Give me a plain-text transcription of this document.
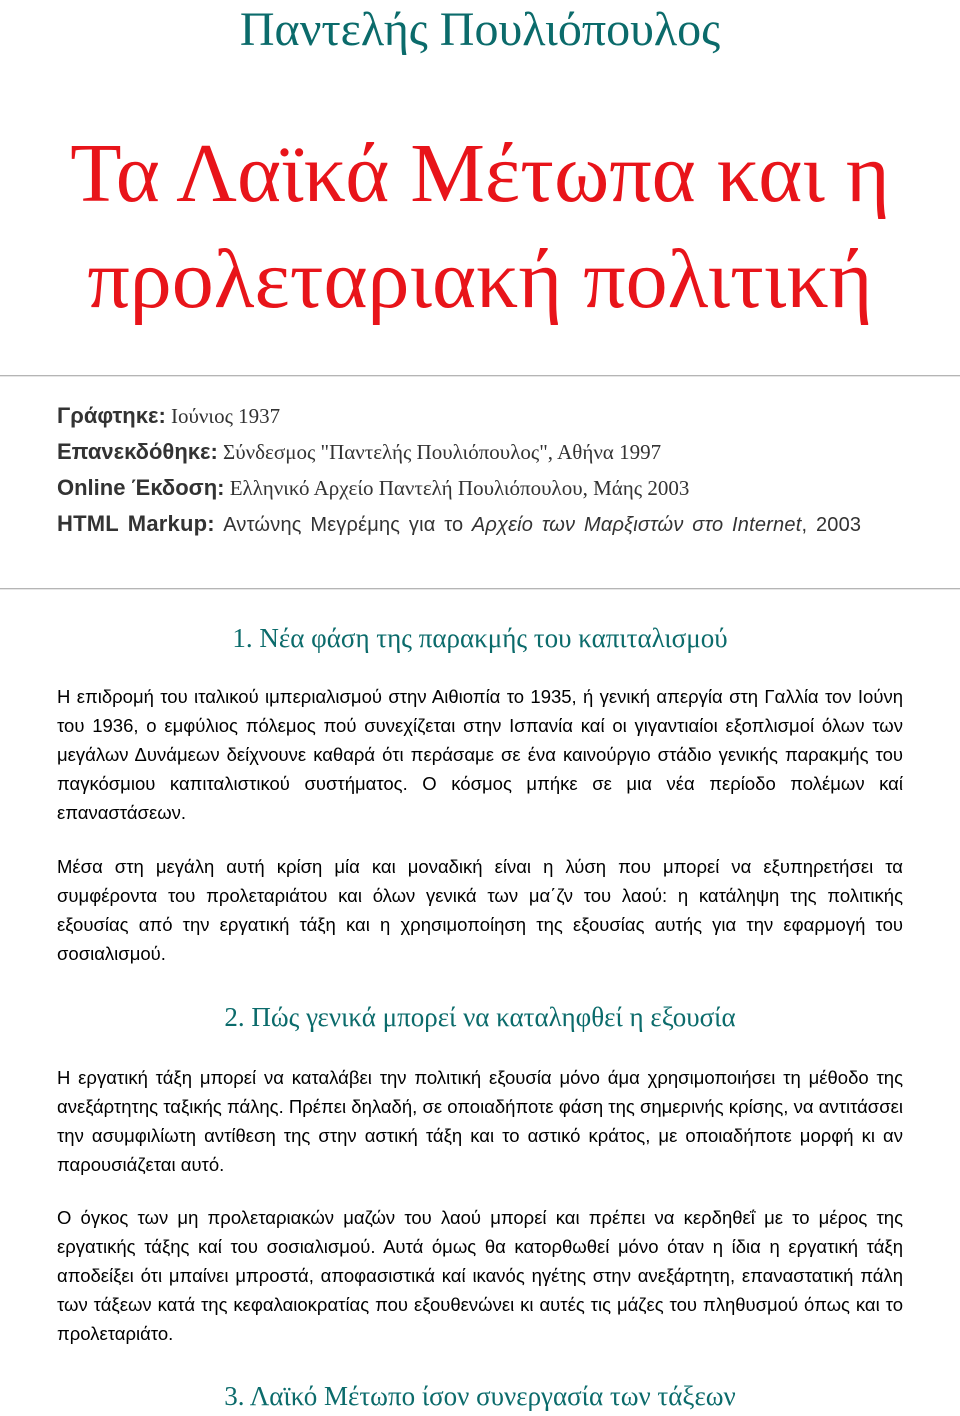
Παντελής Πουλιόπουλος
Τα Λαϊκά Μέτωπα και η
προλεταριακή πολιτική
Γράφτηκε: Ιούνιος 1937
Επανεκδόθηκε: Σύνδεσμος "Παντελής Πουλιόπουλος", Αθήνα 1997
Online Έκδοση: Ελληνικό Αρχείο Παντελή Πουλιόπουλου, Μάης 2003
HTML Markup: Αντώνης Μεγρέμης για το Αρχείο των Μαρξιστών στο Internet, 2003
1. Νέα φάση της παρακμής του καπιταλισμού

Η επιδρομή του ιταλικού ιμπεριαλισμού στην Αιθιοπία το 1935, ή γενική απεργία στη Γαλλία τον Ιούνη του 1936, ο εμφύλιος πόλεμος πού συνεχίζεται στην Ισπανία καί οι γιγαντιαίοι εξοπλισμοί όλων των μεγάλων Δυνάμεων δείχνουνε καθαρά ότι περάσαμε σε ένα καινούργιο στάδιο γενικής παρακμής του παγκόσμιου καπιταλιστικού συστήματος. Ο κόσμος μπήκε σε μια νέα περίοδο πολέμων καί επαναστάσεων.

Μέσα στη μεγάλη αυτή κρίση μία και μοναδική είναι η λύση που μπορεί να εξυπηρετήσει τα συμφέροντα του προλεταριάτου και όλων γενικά των μα΄ζν του λαού: η κατάληψη της πολιτικής εξουσίας από την εργατική τάξη και η χρησιμοποίηση της εξουσίας αυτής για την εφαρμογή του σοσιαλισμού.

2. Πώς γενικά μπορεί να καταληφθεί η εξουσία

Η εργατική τάξη μπορεί να καταλάβει την πολιτική εξουσία μόνο άμα χρησιμοποιήσει τη μέθοδο της ανεξάρτητης ταξικής πάλης. Πρέπει δηλαδή, σε οποιαδήποτε φάση της σημερινής κρίσης, να αντιτάσσει την ασυμφιλίωτη αντίθεση της στην αστική τάξη και το αστικό κράτος, με οποιαδήποτε μορφή κι αν παρουσιάζεται αυτό.

Ο όγκος των μη προλεταριακών μαζών του λαού μπορεί και πρέπει να κερδηθεΐ με το μέρος της εργατικής τάξης καί του σοσιαλισμού. Αυτά όμως θα κατορθωθεί μόνο όταν η ίδια η εργατική τάξη αποδείξει ότι μπαίνει μπροστά, αποφασιστικά καί ικανός ηγέτης στην ανεξάρτητη, επαναστατική πάλη των τάξεων κατά της κεφαλαιοκρατίας που εξουθενώνει κι αυτές τις μάζες του πληθυσμού όπως και το προλεταριάτο.

3. Λαϊκό Μέτωπο ίσον συνεργασία των τάξεων
